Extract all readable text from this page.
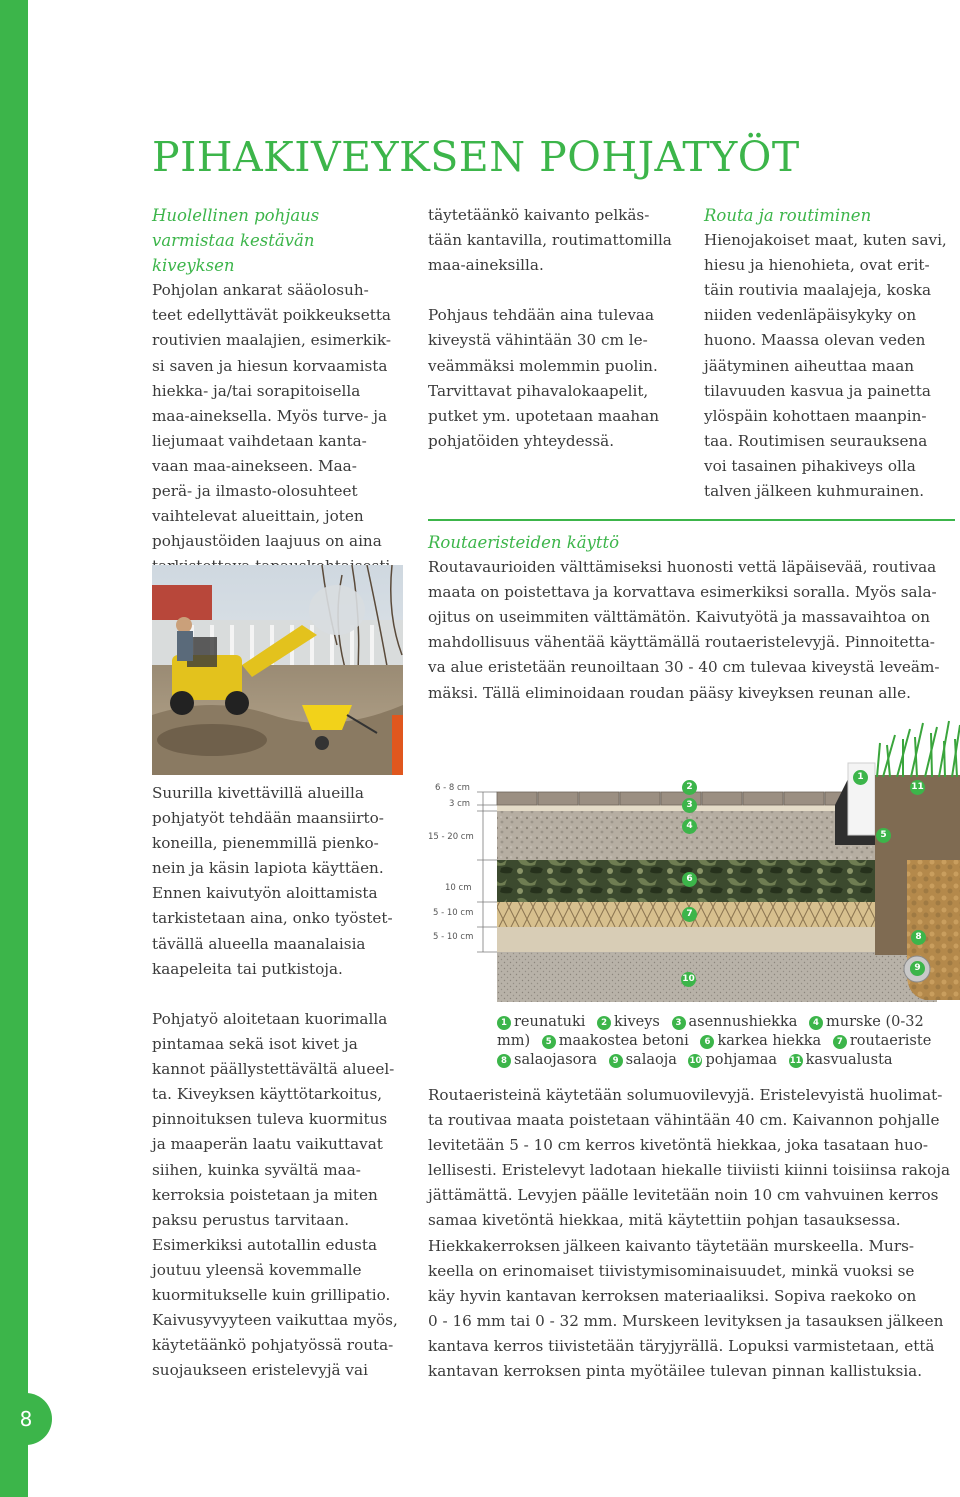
8
PIHAKIVEYKSEN POHJATYÖT
Huolellinen pohjaus varmistaa kestävän kiveyksen
Pohjolan ankarat sääolosuh-
teet edellyttävät poikkeuksetta
routivien maalajien, esimerkik-
si saven ja hiesun korvaamista
hiekka- ja/tai sorapitoisella
maa-aineksella. Myös turve- ja
liejumaat vaihdetaan kanta-
vaan maa-ainekseen. Maa-
perä- ja ilmasto-olosuhteet
vaihtelevat alueittain, joten
pohjaustöiden laajuus on aina
täytetäänkö kaivanto pelkäs-
tään kantavilla, routimattomilla
maa-aineksilla.
Pohjaus tehdään aina tulevaa
kiveystä vähintään 30 cm le-
veämmäksi molemmin puolin.
Tarvittavat pihavalokaapelit,
putket ym. upotetaan maahan
pohjatöiden yhteydessä.
Routa ja routiminen
Hienojakoiset maat, kuten savi,
hiesu ja hienohieta, ovat erit-
täin routivia maalajeja, koska
niiden vedenläpäisykyky on
huono. Maassa olevan veden
jäätyminen aiheuttaa maan
tilavuuden kasvua ja painetta
ylöspäin kohottaen maanpin-
taa. Routimisen seurauksena
voi tasainen pihakiveys olla
talven jälkeen kuhmurainen.
Routaeristeiden käyttö
Routavaurioiden välttämiseksi huonosti vettä läpäisevää, routivaa
maata on poistettava ja korvattava esimerkiksi soralla. Myös sala-
ojitus on useimmiten välttämätön. Kaivutyötä ja massavaihtoa on
mahdollisuus vähentää käyttämällä routaeristelevyjä. Pinnoitetta-
va alue eristetään reunoiltaan 30 - 40 cm tulevaa kiveystä leveäm-
mäksi. Tällä eliminoidaan roudan pääsy kiveyksen reunan alle.
Suurilla kivettävillä alueilla
pohjatyöt tehdään maansiirto-
koneilla, pienemmillä pienko-
nein ja käsin lapiota käyttäen.
Ennen kaivutyön aloittamista
tarkistetaan aina, onko työstet-
tävällä alueella maanalaisia
kaapeleita tai putkistoja.
Pohjatyö aloitetaan kuorimalla
pintamaa sekä isot kivet ja
kannot päällystettävältä alueel-
ta. Kiveyksen käyttötarkoitus,
pinnoituksen tuleva kuormitus
ja maaperän laatu vaikuttavat
siihen, kuinka syvältä maa-
kerroksia poistetaan ja miten
paksu perustus tarvitaan.
Esimerkiksi autotallin edusta
joutuu yleensä kovemmalle
kuormitukselle kuin grillipatio.
Kaivusyvyyteen vaikuttaa myös,
käytetäänkö pohjatyössä routa-
suojaukseen eristelevyjä vai
6 - 8 cm
3 cm
15 - 20 cm
10 cm
5 - 10 cm
5 - 10 cm
1
2
3
4
5
6
7
8
9
10
11
1 reunatuki 2 kiveys 3 asennushiekka 4 murske (0-32 mm) 5 maakostea betoni 6 karkea hiekka 7 routaeriste 8 salaojasora 9 salaoja 10 pohjamaa 11 kasvualusta
Routaeristeinä käytetään solumuovilevyjä. Eristelevyistä huolimat-
ta routivaa maata poistetaan vähintään 40 cm. Kaivannon pohjalle
levitetään 5 - 10 cm kerros kivetöntä hiekkaa, joka tasataan huo-
lellisesti. Eristelevyt ladotaan hiekalle tiiviisti kiinni toisiinsa rakoja
jättämättä. Levyjen päälle levitetään noin 10 cm vahvuinen kerros
samaa kivetöntä hiekkaa, mitä käytettiin pohjan tasauksessa.
Hiekkakerroksen jälkeen kaivanto täytetään murskeella. Murs-
keella on erinomaiset tiivistymisominaisuudet, minkä vuoksi se
käy hyvin kantavan kerroksen materiaaliksi. Sopiva raekoko on
0 - 16 mm tai 0 - 32 mm. Murskeen levityksen ja tasauksen jälkeen
kantava kerros tiivistetään täryjyrällä. Lopuksi varmistetaan, että
kantavan kerroksen pinta myötäilee tulevan pinnan kallistuksia.
